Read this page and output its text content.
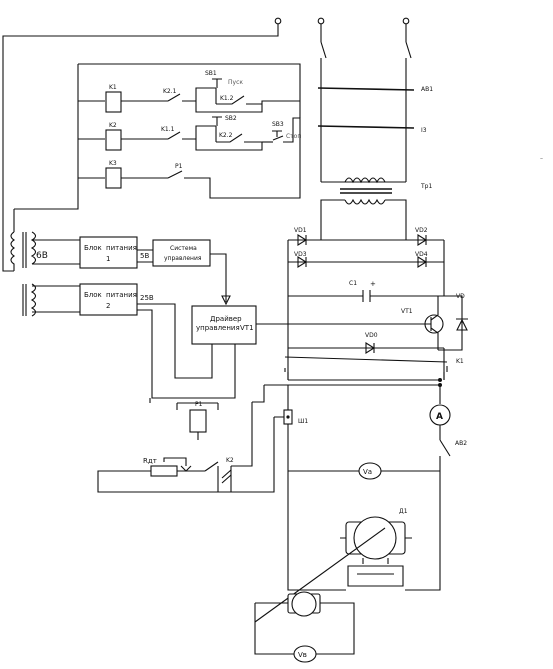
K1
K2
K3
K2.1
SB1
Пуск
K1.2
K1.1
SB2
K2.2
SB3
Стоп
P1
AB1
I3
–
Tp1
VD1	VD2
VD3	VD4
C1 +
VT1
VD
VD0
K1
A
AB2
Ш1
Vа
Д1
Vв
6B
Блок питания
1	5B
Система
управления
Блок питания
2
25B
Драйвер
управления VT1
P1
Rдт	K2
